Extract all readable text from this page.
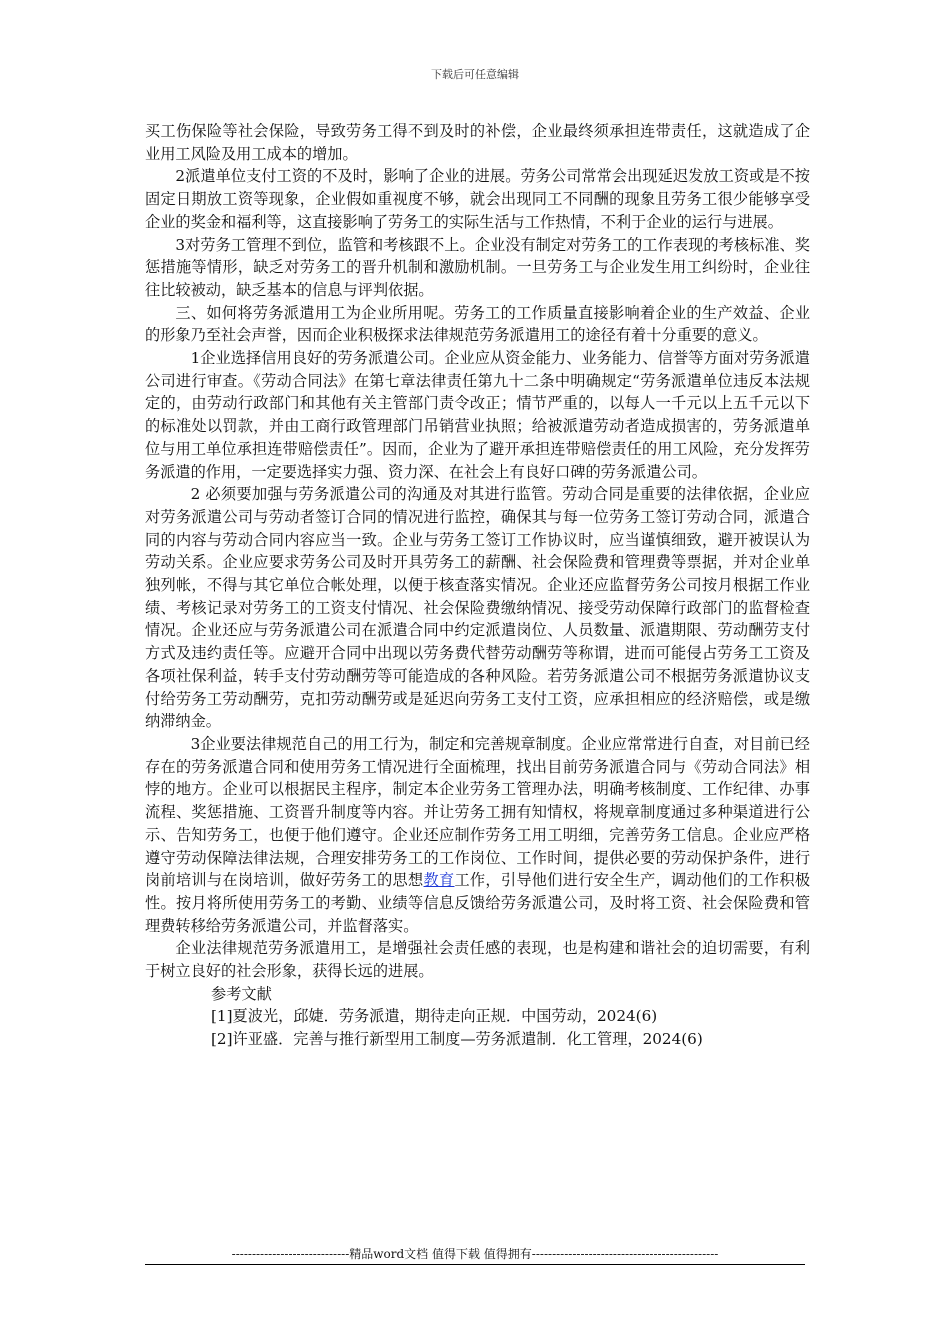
下载后可任意编辑

买工伤保险等社会保险，导致劳务工得不到及时的补偿，企业最终须承担连带责任，这就造成了企业用工风险及用工成本的增加。

2派遣单位支付工资的不及时，影响了企业的进展。劳务公司常常会出现延迟发放工资或是不按固定日期放工资等现象，企业假如重视度不够，就会出现同工不同酬的现象且劳务工很少能够享受企业的奖金和福利等，这直接影响了劳务工的实际生活与工作热情，不利于企业的运行与进展。

3对劳务工管理不到位，监管和考核跟不上。企业没有制定对劳务工的工作表现的考核标准、奖惩措施等情形，缺乏对劳务工的晋升机制和激励机制。一旦劳务工与企业发生用工纠纷时，企业往往比较被动，缺乏基本的信息与评判依据。

三、如何将劳务派遣用工为企业所用呢。劳务工的工作质量直接影响着企业的生产效益、企业的形象乃至社会声誉，因而企业积极探求法律规范劳务派遣用工的途径有着十分重要的意义。

1企业选择信用良好的劳务派遣公司。企业应从资金能力、业务能力、信誉等方面对劳务派遣公司进行审查。《劳动合同法》在第七章法律责任第九十二条中明确规定“劳务派遣单位违反本法规定的，由劳动行政部门和其他有关主管部门责令改正；情节严重的，以每人一千元以上五千元以下的标准处以罚款，并由工商行政管理部门吊销营业执照；给被派遣劳动者造成损害的，劳务派遣单位与用工单位承担连带赔偿责任”。因而，企业为了避开承担连带赔偿责任的用工风险，充分发挥劳务派遣的作用，一定要选择实力强、资力深、在社会上有良好口碑的劳务派遣公司。

2 必须要加强与劳务派遣公司的沟通及对其进行监管。劳动合同是重要的法律依据，企业应对劳务派遣公司与劳动者签订合同的情况进行监控，确保其与每一位劳务工签订劳动合同，派遣合同的内容与劳动合同内容应当一致。企业与劳务工签订工作协议时，应当谨慎细致，避开被误认为劳动关系。企业应要求劳务公司及时开具劳务工的薪酬、社会保险费和管理费等票据，并对企业单独列帐，不得与其它单位合帐处理，以便于核查落实情况。企业还应监督劳务公司按月根据工作业绩、考核记录对劳务工的工资支付情况、社会保险费缴纳情况、接受劳动保障行政部门的监督检查情况。企业还应与劳务派遣公司在派遣合同中约定派遣岗位、人员数量、派遣期限、劳动酬劳支付方式及违约责任等。应避开合同中出现以劳务费代替劳动酬劳等称谓，进而可能侵占劳务工工资及各项社保利益，转手支付劳动酬劳等可能造成的各种风险。若劳务派遣公司不根据劳务派遣协议支付给劳务工劳动酬劳，克扣劳动酬劳或是延迟向劳务工支付工资，应承担相应的经济赔偿，或是缴纳滞纳金。

3企业要法律规范自己的用工行为，制定和完善规章制度。企业应常常进行自查，对目前已经存在的劳务派遣合同和使用劳务工情况进行全面梳理，找出目前劳务派遣合同与《劳动合同法》相悖的地方。企业可以根据民主程序，制定本企业劳务工管理办法，明确考核制度、工作纪律、办事流程、奖惩措施、工资晋升制度等内容。并让劳务工拥有知情权，将规章制度通过多种渠道进行公示、告知劳务工，也便于他们遵守。企业还应制作劳务工用工明细，完善劳务工信息。企业应严格遵守劳动保障法律法规，合理安排劳务工的工作岗位、工作时间，提供必要的劳动保护条件，进行岗前培训与在岗培训，做好劳务工的思想教育工作，引导他们进行安全生产，调动他们的工作积极性。按月将所使用劳务工的考勤、业绩等信息反馈给劳务派遣公司，及时将工资、社会保险费和管理费转移给劳务派遣公司，并监督落实。

企业法律规范劳务派遣用工，是增强社会责任感的表现，也是构建和谐社会的迫切需要，有利于树立良好的社会形象，获得长远的进展。

参考文献

[1]夏波光，邱婕．劳务派遣，期待走向正规．中国劳动，2024(6)

[2]许亚盛．完善与推行新型用工制度—劳务派遣制．化工管理，2024(6)

-----------------------------精品word文档 值得下载 值得拥有----------------------------------------------
